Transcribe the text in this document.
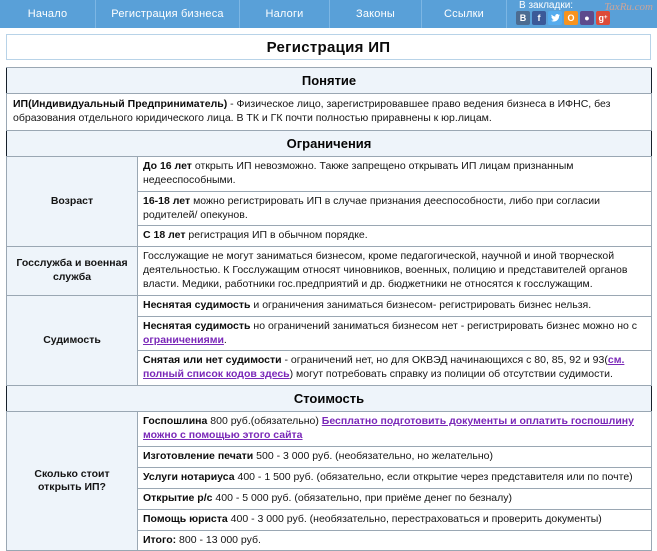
Начало	Регистрация бизнеса	Налоги	Законы	Ссылки
В закладки:
В	f	О	● g +
TaxRu.com
Регистрация ИП
Понятие	
ИП(Индивидуальный Предприниматель) - Физическое лицо, зарегистрировавшее право ведения бизнеса в ИФНС, без образования отдельного юридического лица. В ТК и ГК почти полностью приравнены к юр.лицам.	
Ограничения	
Возраст	До 16 лет открыть ИП невозможно. Также запрещено открывать ИП лицам признанным недееспособными.
	16-18 лет можно регистрировать ИП в случае признания дееспособности, либо при согласии родителей/ опекунов.
	С 18 лет регистрация ИП в обычном порядке.
Госслужба и военная служба	Госслужащие не могут заниматься бизнесом, кроме педагогической, научной и иной творческой деятельностью. К Госслужащим относят чиновников, военных, полицию и представителей органов власти. Медики, работники гос.предприятий и др. бюджетники не относятся к госслужащим.
Судимость	Неснятая судимость и ограничения заниматься бизнесом- регистрировать бизнес нельзя.
	Неснятая судимость но ограничений заниматься бизнесом нет - регистрировать бизнес можно но с ограничениями.
	Снятая или нет судимости - ограничений нет, но для ОКВЭД начинающихся с 80, 85, 92 и 93(см. полный список кодов здесь) могут потребовать справку из полиции об отсутствии судимости.
Стоимость	
Сколько стоит открыть ИП?	Госпошлина 800 руб.(обязательно) Бесплатно подготовить документы и оплатить госпошлину можно с помощью этого сайта
	Изготовление печати 500 - 3 000 руб. (необязательно, но желательно)
	Услуги нотариуса 400 - 1 500 руб. (обязательно, если открытие через представителя или по почте)
	Открытие р/с 400 - 5 000 руб. (обязательно, при приёме денег по безналу)
	Помощь юриста 400 - 3 000 руб. (необязательно, перестраховаться и проверить документы)
	Итого: 800 - 13 000 руб.
